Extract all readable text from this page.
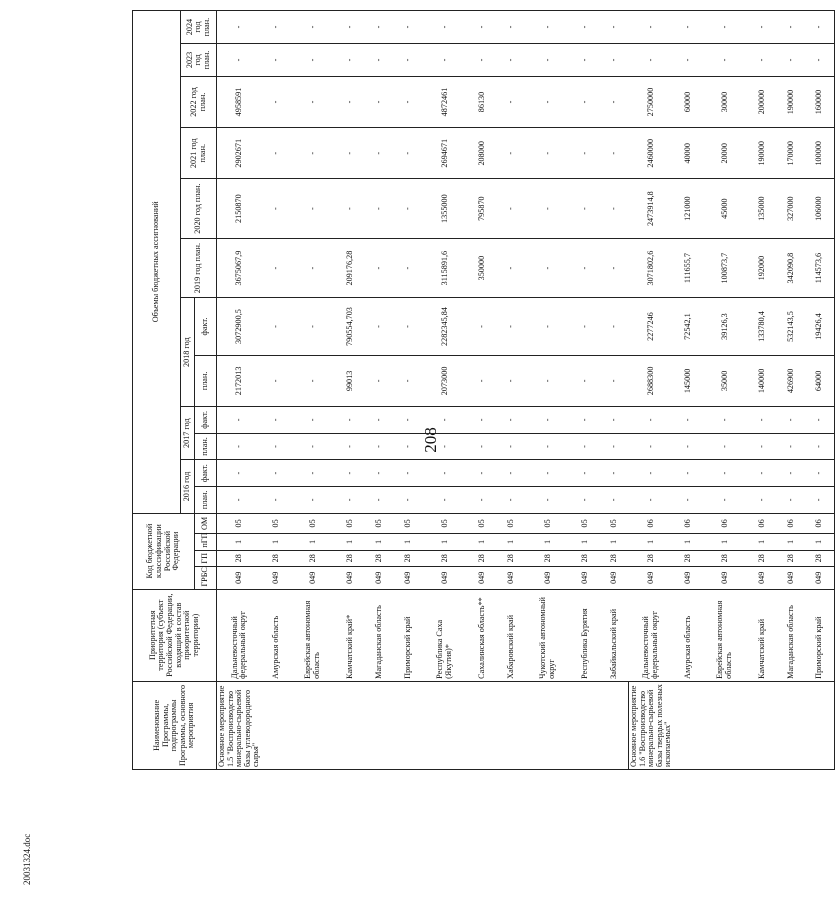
208
20031324.doc
Наименование Программы, подпрограммы Программы, основного мероприятия	Приоритетная территория (субъект Российской Федерации, входящий в состав приоритетной территории)	Код бюджетной классификации Российской Федерации				Объемы бюджетных ассигнований											
						2016 год		2017 год		2018 год		2019 год план.	2020 год план.	2021 год план.	2022 год план.	2023 год план.	2024 год план.
		ГРБС	ГП	пГП	ОМ	план.	факт.	план.	факт.	план.	факт.						
Основное мероприятие 1.5 "Воспроизводство минерально-сырьевой базы углеводородного сырья"	Дальневосточный федеральный округ	049	28	1	05	-	-	-	-	2172013	3072900,5	3675067,9	2150870	2902671	4958591	-	-
	Амурская область	049	28	1	05	-	-	-	-	-	-	-	-	-	-	-	-
	Еврейская автономная область	049	28	1	05	-	-	-	-	-	-	-	-	-	-	-	-
	Камчатский край*	049	28	1	05	-	-	-	-	99013	790554,703	209176,28	-	-	-	-	-
	Магаданская область	049	28	1	05	-	-	-	-	-	-	-	-	-	-	-	-
	Приморский край	049	28	1	05	-	-	-	-	-	-	-	-	-	-	-	-
	Республика Саха (Якутия)*	049	28	1	05	-	-	-	-	2073000	2282345,84	3115891,6	1355000	2694671	4872461	-	-
	Сахалинская область**	049	28	1	05	-	-	-	-	-	-	350000	795870	208000	86130	-	-
	Хабаровский край	049	28	1	05	-	-	-	-	-	-	-	-	-	-	-	-
	Чукотский автономный округ	049	28	1	05	-	-	-	-	-	-	-	-	-	-	-	-
	Республика Бурятия	049	28	1	05	-	-	-	-	-	-	-	-	-	-	-	-
	Забайкальский край	049	28	1	05	-	-	-	-	-	-	-	-	-	-	-	-
Основное мероприятие 1.6 "Воспроизводство минерально-сырьевой базы твердых полезных ископаемых"	Дальневосточный федеральный округ	049	28	1	06	-	-	-	-	2688300	2277246	3071802,6	2473914,8	2460000	2750000	-	-
	Амурская область	049	28	1	06	-	-	-	-	145000	72542,1	111655,7	121000	40000	60000	-	-
	Еврейская автономная область	049	28	1	06	-	-	-	-	35000	39126,3	100873,7	45000	20000	30000	-	-
	Камчатский край	049	28	1	06	-	-	-	-	140000	133780,4	192000	135000	190000	200000	-	-
	Магаданская область	049	28	1	06	-	-	-	-	426900	532143,5	342090,8	327000	170000	190000	-	-
	Приморский край	049	28	1	06	-	-	-	-	64000	19426,4	114573,6	106000	100000	160000	-	-
